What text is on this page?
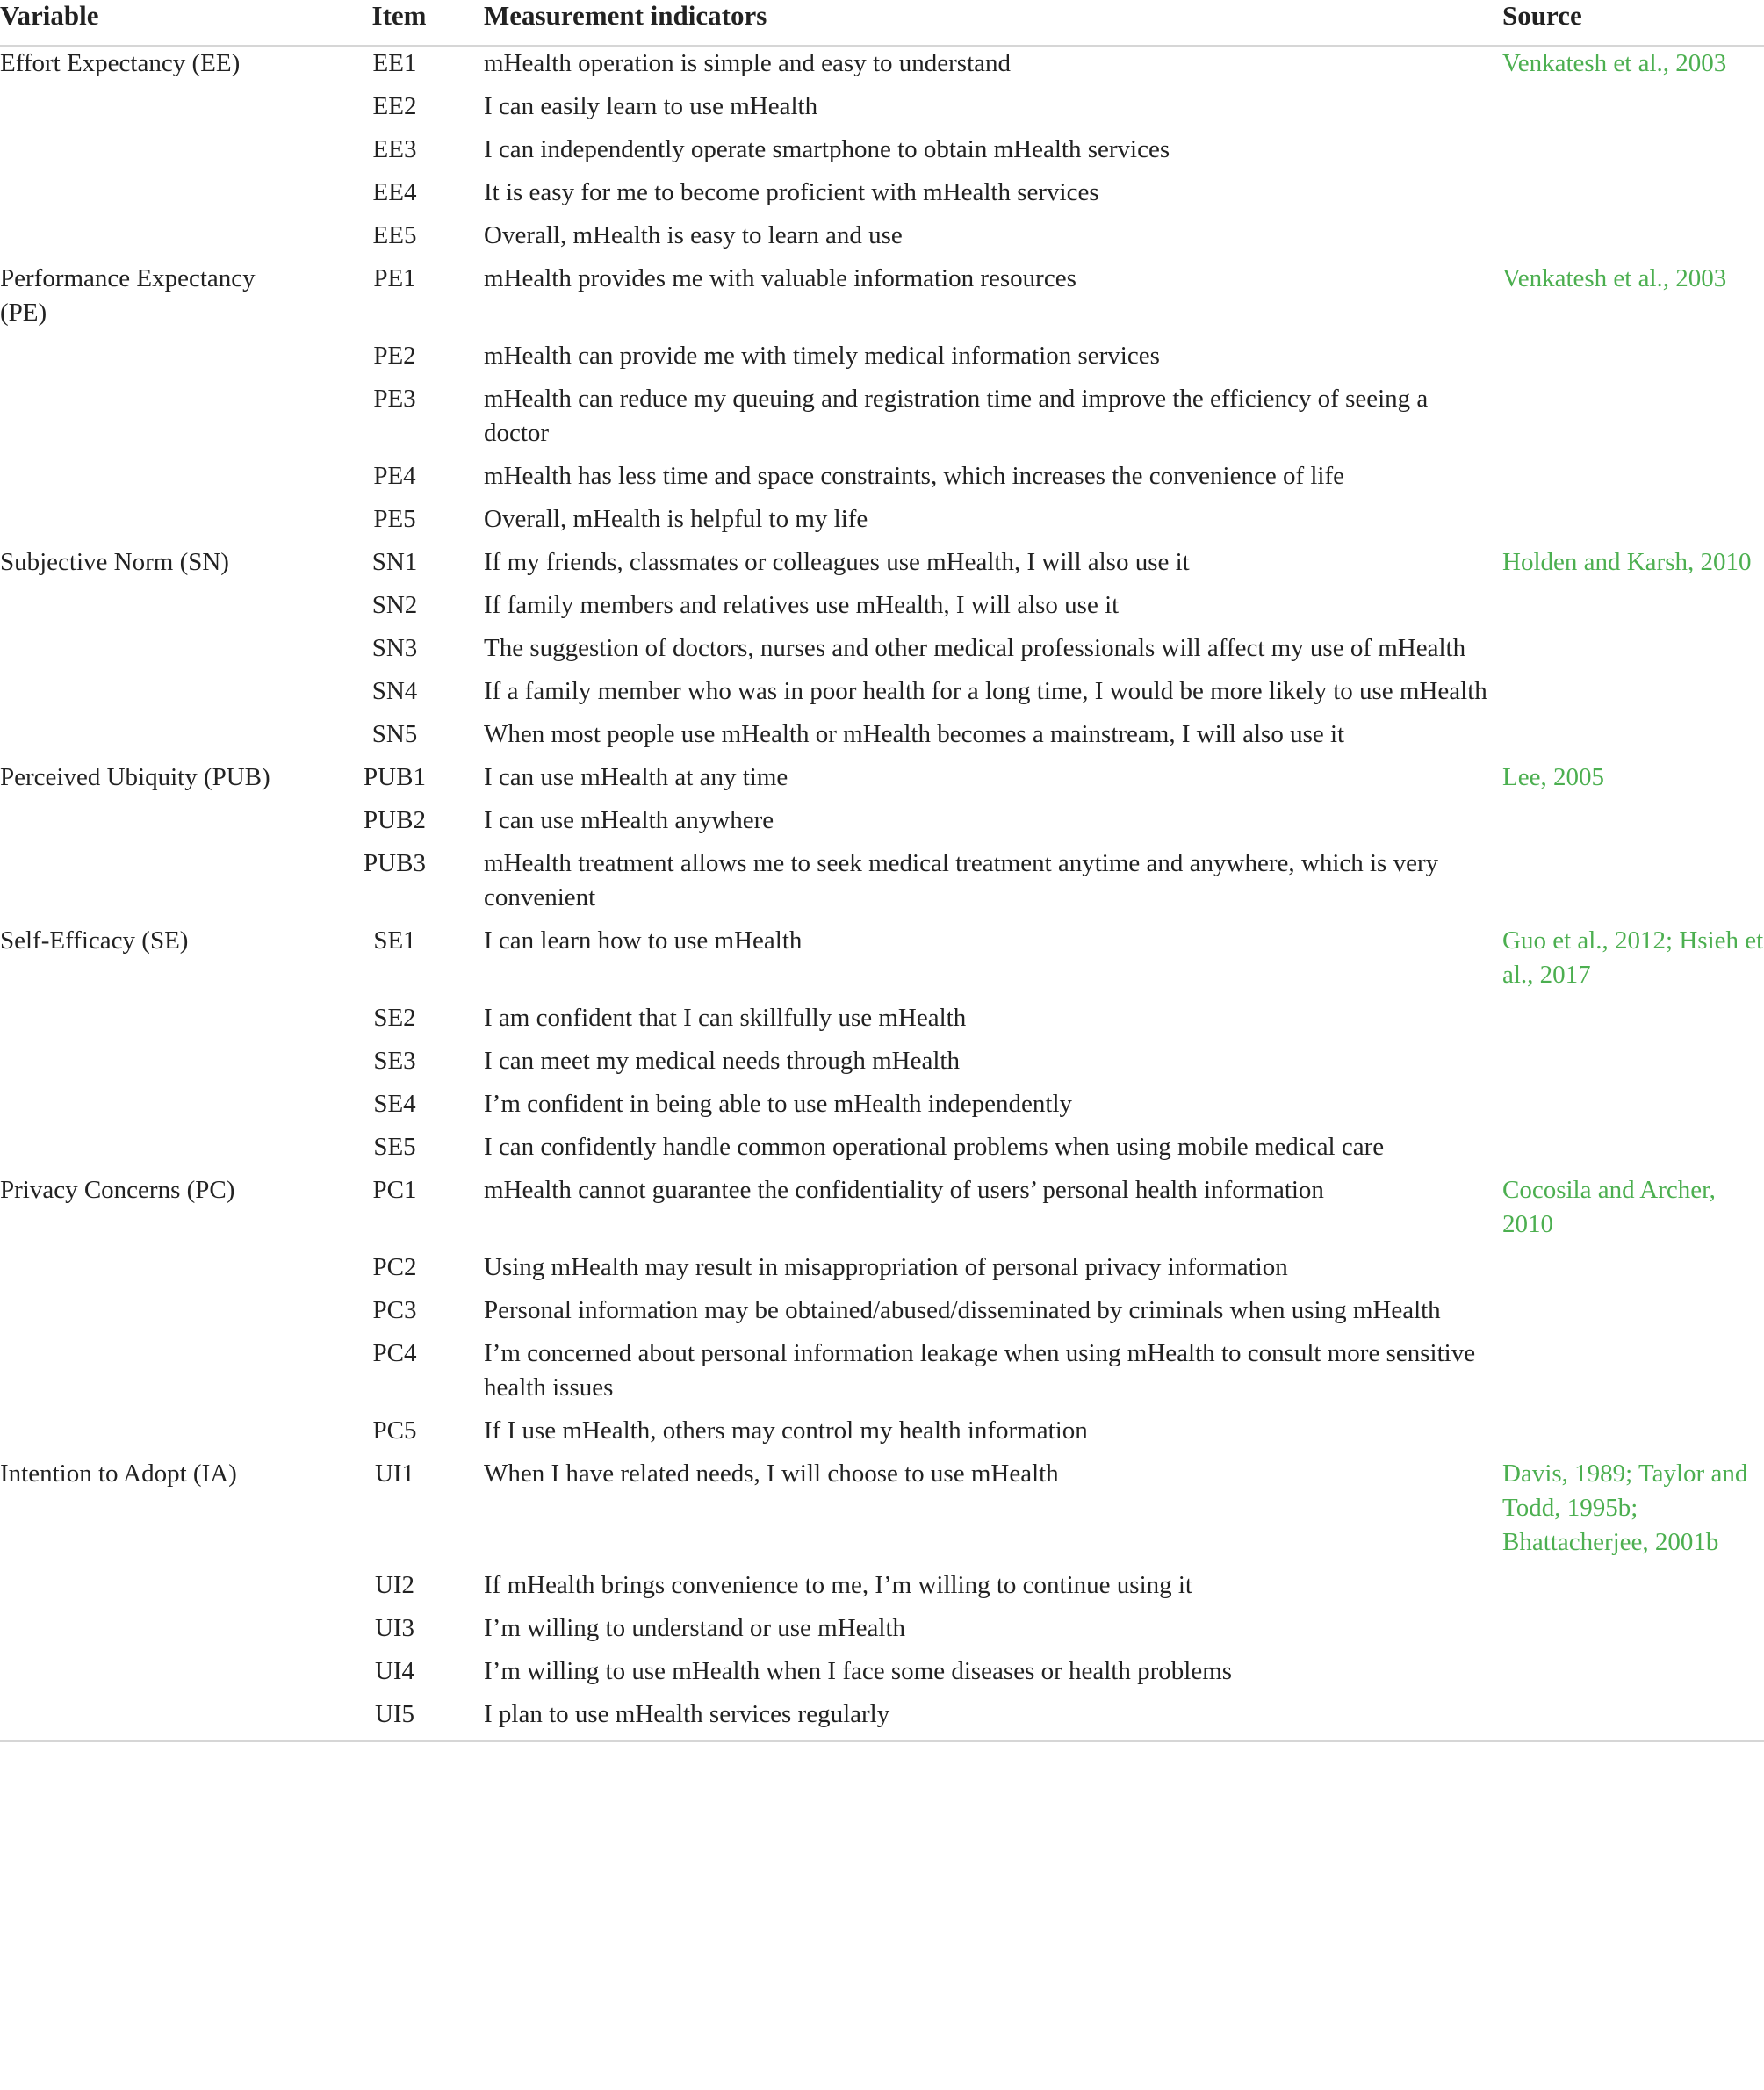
Variable	Item	Measurement indicators	Source
Effort Expectancy (EE)	EE1	mHealth operation is simple and easy to understand	Venkatesh et al., 2003
	EE2	I can easily learn to use mHealth	
	EE3	I can independently operate smartphone to obtain mHealth services	
	EE4	It is easy for me to become proficient with mHealth services	
	EE5	Overall, mHealth is easy to learn and use	
Performance Expectancy (PE)	PE1	mHealth provides me with valuable information resources	Venkatesh et al., 2003
	PE2	mHealth can provide me with timely medical information services	
	PE3	mHealth can reduce my queuing and registration time and improve the efficiency of seeing a doctor	
	PE4	mHealth has less time and space constraints, which increases the convenience of life	
	PE5	Overall, mHealth is helpful to my life	
Subjective Norm (SN)	SN1	If my friends, classmates or colleagues use mHealth, I will also use it	Holden and Karsh, 2010
	SN2	If family members and relatives use mHealth, I will also use it	
	SN3	The suggestion of doctors, nurses and other medical professionals will affect my use of mHealth	
	SN4	If a family member who was in poor health for a long time, I would be more likely to use mHealth	
	SN5	When most people use mHealth or mHealth becomes a mainstream, I will also use it	
Perceived Ubiquity (PUB)	PUB1	I can use mHealth at any time	Lee, 2005
	PUB2	I can use mHealth anywhere	
	PUB3	mHealth treatment allows me to seek medical treatment anytime and anywhere, which is very convenient	
Self-Efficacy (SE)	SE1	I can learn how to use mHealth	Guo et al., 2012; Hsieh et al., 2017
	SE2	I am confident that I can skillfully use mHealth	
	SE3	I can meet my medical needs through mHealth	
	SE4	I’m confident in being able to use mHealth independently	
	SE5	I can confidently handle common operational problems when using mobile medical care	
Privacy Concerns (PC)	PC1	mHealth cannot guarantee the confidentiality of users’ personal health information	Cocosila and Archer, 2010
	PC2	Using mHealth may result in misappropriation of personal privacy information	
	PC3	Personal information may be obtained/abused/disseminated by criminals when using mHealth	
	PC4	I’m concerned about personal information leakage when using mHealth to consult more sensitive health issues	
	PC5	If I use mHealth, others may control my health information	
Intention to Adopt (IA)	UI1	When I have related needs, I will choose to use mHealth	Davis, 1989; Taylor and Todd, 1995b; Bhattacherjee, 2001b
	UI2	If mHealth brings convenience to me, I’m willing to continue using it	
	UI3	I’m willing to understand or use mHealth	
	UI4	I’m willing to use mHealth when I face some diseases or health problems	
	UI5	I plan to use mHealth services regularly	
